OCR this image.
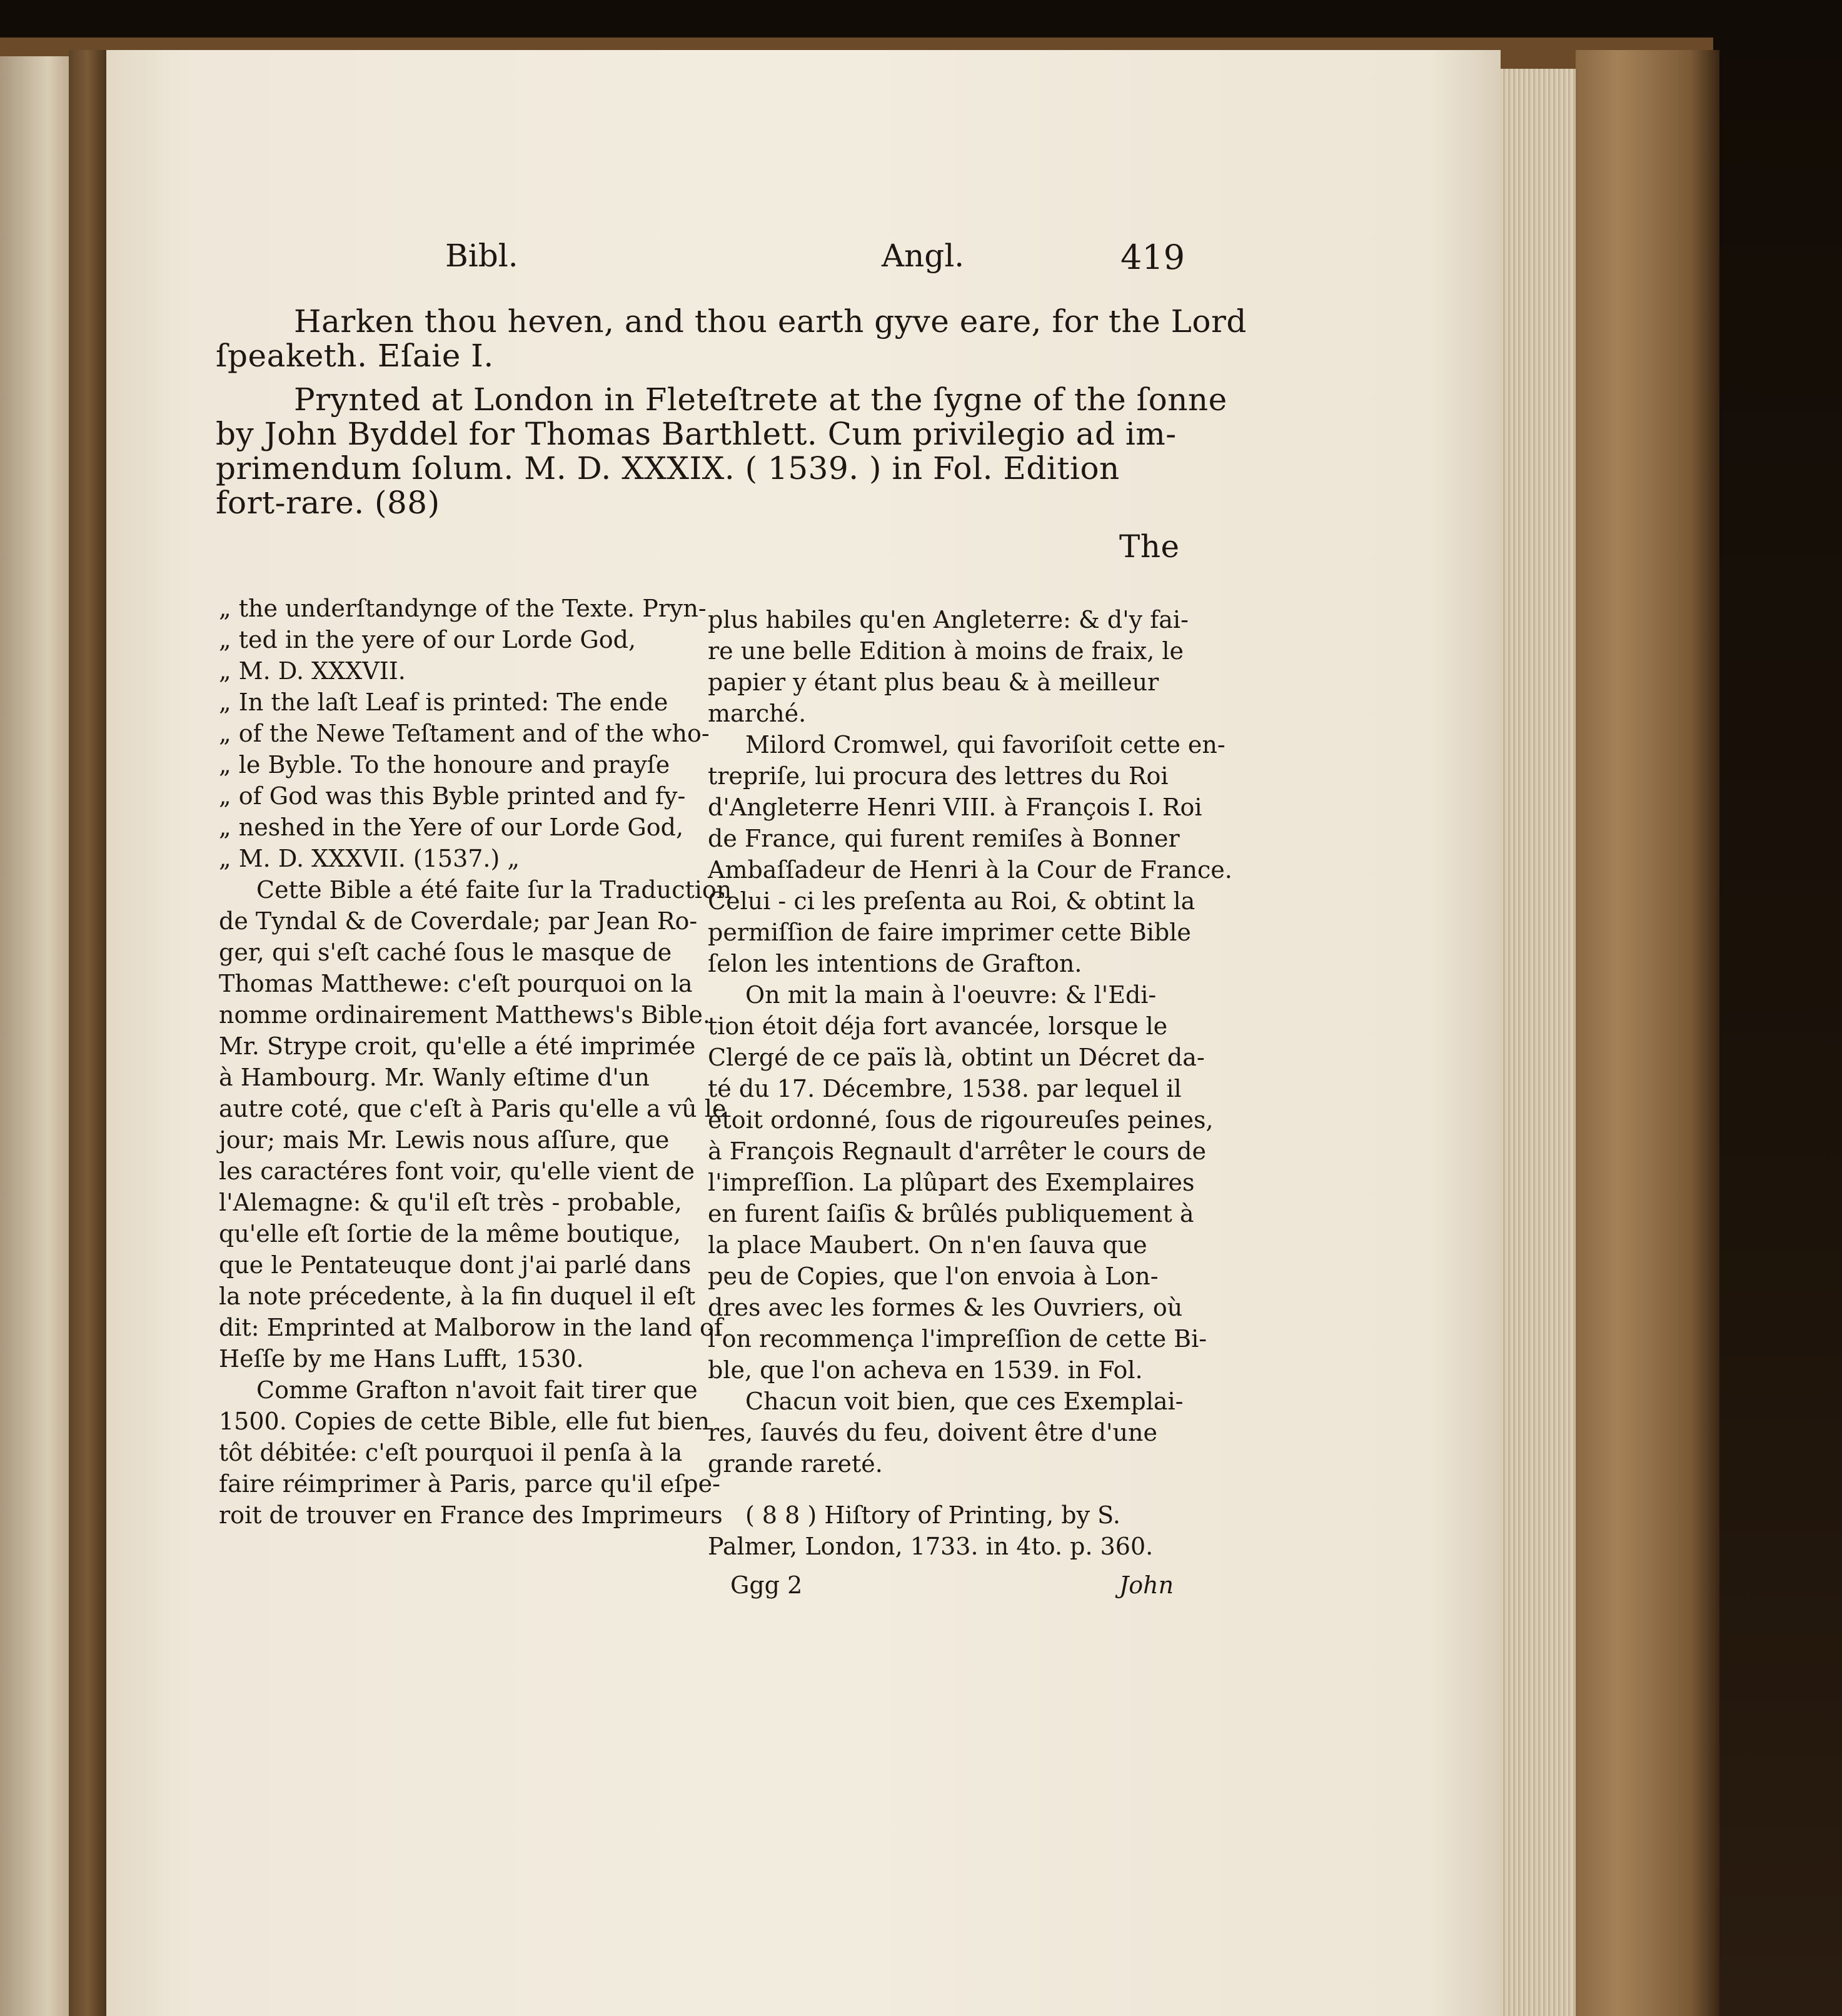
Bibl.	Angl.	419
Harken thou heven, and thou earth gyve eare, for the Lord
ſpeaketh. Eſaie I.
Prynted at London in Fleteſtrete at the ſygne of the ſonne
by John Byddel for Thomas Barthlett. Cum privilegio ad im-
primendum ſolum. M. D. XXXIX. ( 1539. ) in Fol. Edition
fort-rare. (88)
The
„ the underſtandynge of the Texte. Pryn-
„ ted in the yere of our Lorde God,
„ M. D. XXXVII.
„ In the laſt Leaf is printed: The ende
„ of the Newe Teſtament and of the who-
„ le Byble. To the honoure and prayſe
„ of God was this Byble printed and fy-
„ neshed in the Yere of our Lorde God,
„ M. D. XXXVII. (1537.) „
Cette Bible a été faite ſur la Traduction
de Tyndal & de Coverdale; par Jean Ro-
ger, qui s'eſt caché ſous le masque de
Thomas Matthewe: c'eſt pourquoi on la
nomme ordinairement Matthews's Bible.
Mr. Strype croit, qu'elle a été imprimée
à Hambourg. Mr. Wanly eſtime d'un
autre coté, que c'eſt à Paris qu'elle a vû le
jour; mais Mr. Lewis nous aſſure, que
les caractéres font voir, qu'elle vient de
l'Alemagne: & qu'il eſt très - probable,
qu'elle eſt ſortie de la même boutique,
que le Pentateuque dont j'ai parlé dans
la note précedente, à la fin duquel il eſt
dit: Emprinted at Malborow in the land of
Heſſe by me Hans Lufft, 1530.
Comme Grafton n'avoit fait tirer que
1500. Copies de cette Bible, elle fut bien
tôt débitée: c'eſt pourquoi il penſa à la
faire réimprimer à Paris, parce qu'il eſpe-
roit de trouver en France des Imprimeurs
plus habiles qu'en Angleterre: & d'y fai-
re une belle Edition à moins de fraix, le
papier y étant plus beau & à meilleur
marché.
Milord Cromwel, qui favoriſoit cette en-
trepriſe, lui procura des lettres du Roi
d'Angleterre Henri VIII. à François I. Roi
de France, qui furent remiſes à Bonner
Ambaſſadeur de Henri à la Cour de France.
Celui - ci les preſenta au Roi, & obtint la
permiſſion de faire imprimer cette Bible
ſelon les intentions de Grafton.
On mit la main à l'oeuvre: & l'Edi-
tion étoit déja fort avancée, lorsque le
Clergé de ce païs là, obtint un Décret da-
té du 17. Décembre, 1538. par lequel il
étoit ordonné, ſous de rigoureuſes peines,
à François Regnault d'arrêter le cours de
l'impreſſion. La plûpart des Exemplaires
en furent ſaiſis & brûlés publiquement à
la place Maubert. On n'en ſauva que
peu de Copies, que l'on envoia à Lon-
dres avec les formes & les Ouvriers, où
l'on recommença l'impreſſion de cette Bi-
ble, que l'on acheva en 1539. in Fol.
Chacun voit bien, que ces Exemplai-
res, ſauvés du feu, doivent être d'une
grande rareté.
( 8 8 ) Hiſtory of Printing, by S.
Palmer, London, 1733. in 4to. p. 360.
Ggg 2	John
